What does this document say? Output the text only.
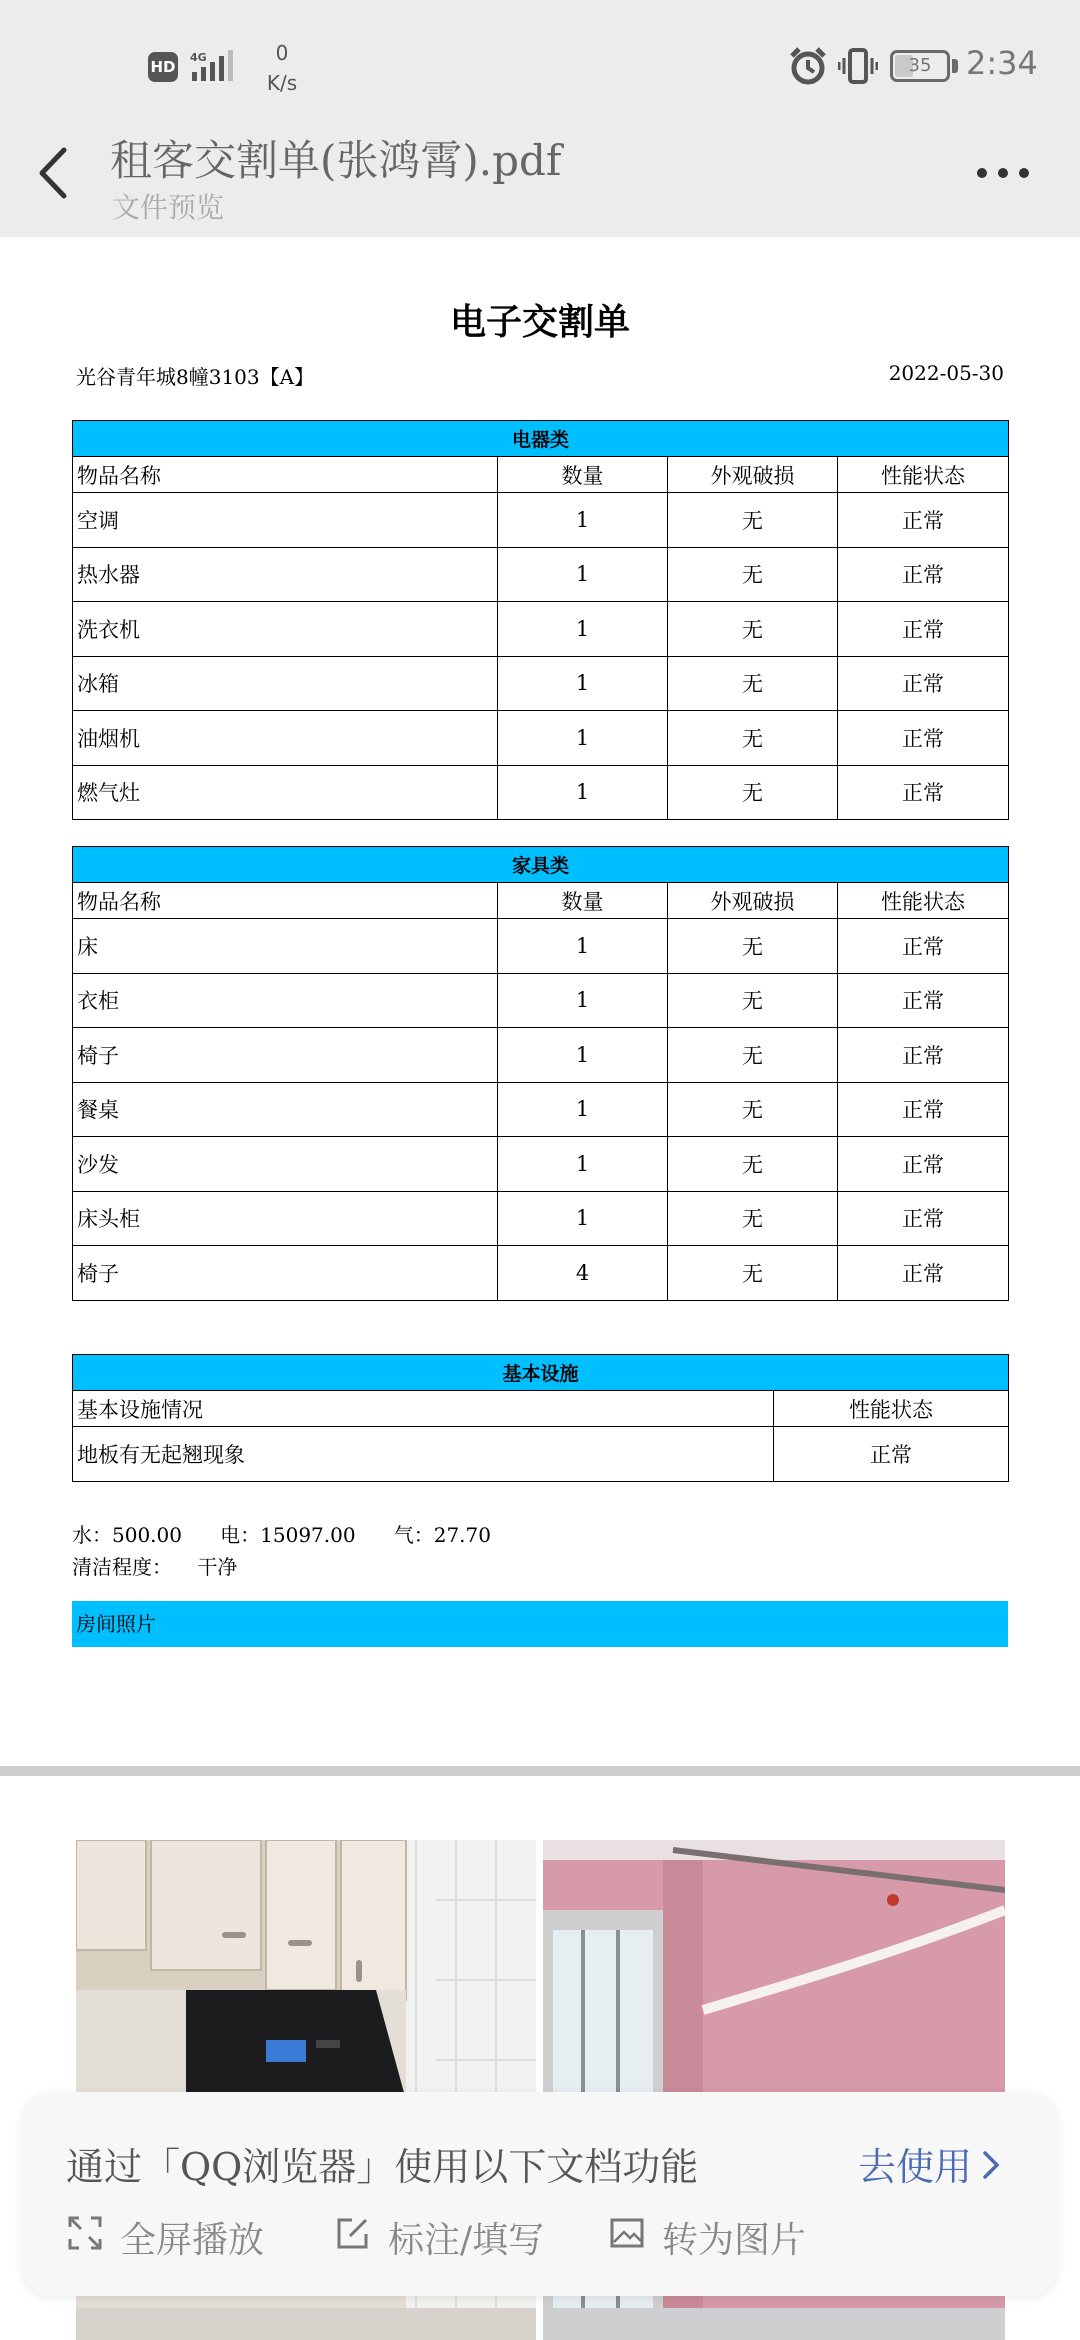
HD
4G	0
K/s
35	2:34
租客交割单(张鸿霄).pdf
文件预览
电子交割单
光谷青年城8幢3103【A】	2022-05-30
电器类			
物品名称	数量	外观破损	性能状态
空调	1	无	正常
热水器	1	无	正常
洗衣机	1	无	正常
冰箱	1	无	正常
油烟机	1	无	正常
燃气灶	1	无	正常
家具类			
物品名称	数量	外观破损	性能状态
床	1	无	正常
衣柜	1	无	正常
椅子	1	无	正常
餐桌	1	无	正常
沙发	1	无	正常
床头柜	1	无	正常
椅子	4	无	正常
基本设施	
基本设施情况	性能状态
地板有无起翘现象	正常
水：500.00 电：15097.00 气：27.70
清洁程度： 干净
房间照片
通过「QQ浏览器」使用以下文档功能	去使用
全屏播放	标注/填写	转为图片
